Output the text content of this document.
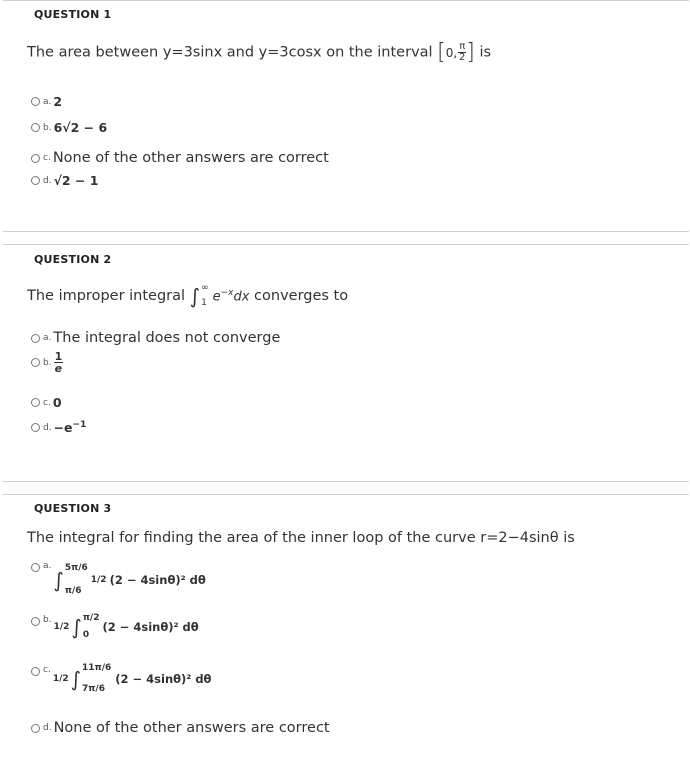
QUESTION 1
The area between y=3sinx and y=3cosx on the interval [ 0, $\frac{\pi}{2}$ ] is
a. 2
b. 6√2 − 6
c. None of the other answers are correct
d. √2 − 1
QUESTION 2
The improper integral ∫ ∞
1 $e^{-x}dx$ converges to
a. The integral does not converge
b. $\frac{1}{e}$
c. 0
d. $-e^{-1}$
QUESTION 3
The integral for finding the area of the inner loop of the curve r=2−4sinθ is
a.
∫ 5π/6
π/6
1/2 (2 − 4sinθ)² dθ
b.
1/2 ∫ π/2
0
(2 − 4sinθ)² dθ
c.
1/2 ∫ 11π/6
7π/6
(2 − 4sinθ)² dθ
d. None of the other answers are correct
